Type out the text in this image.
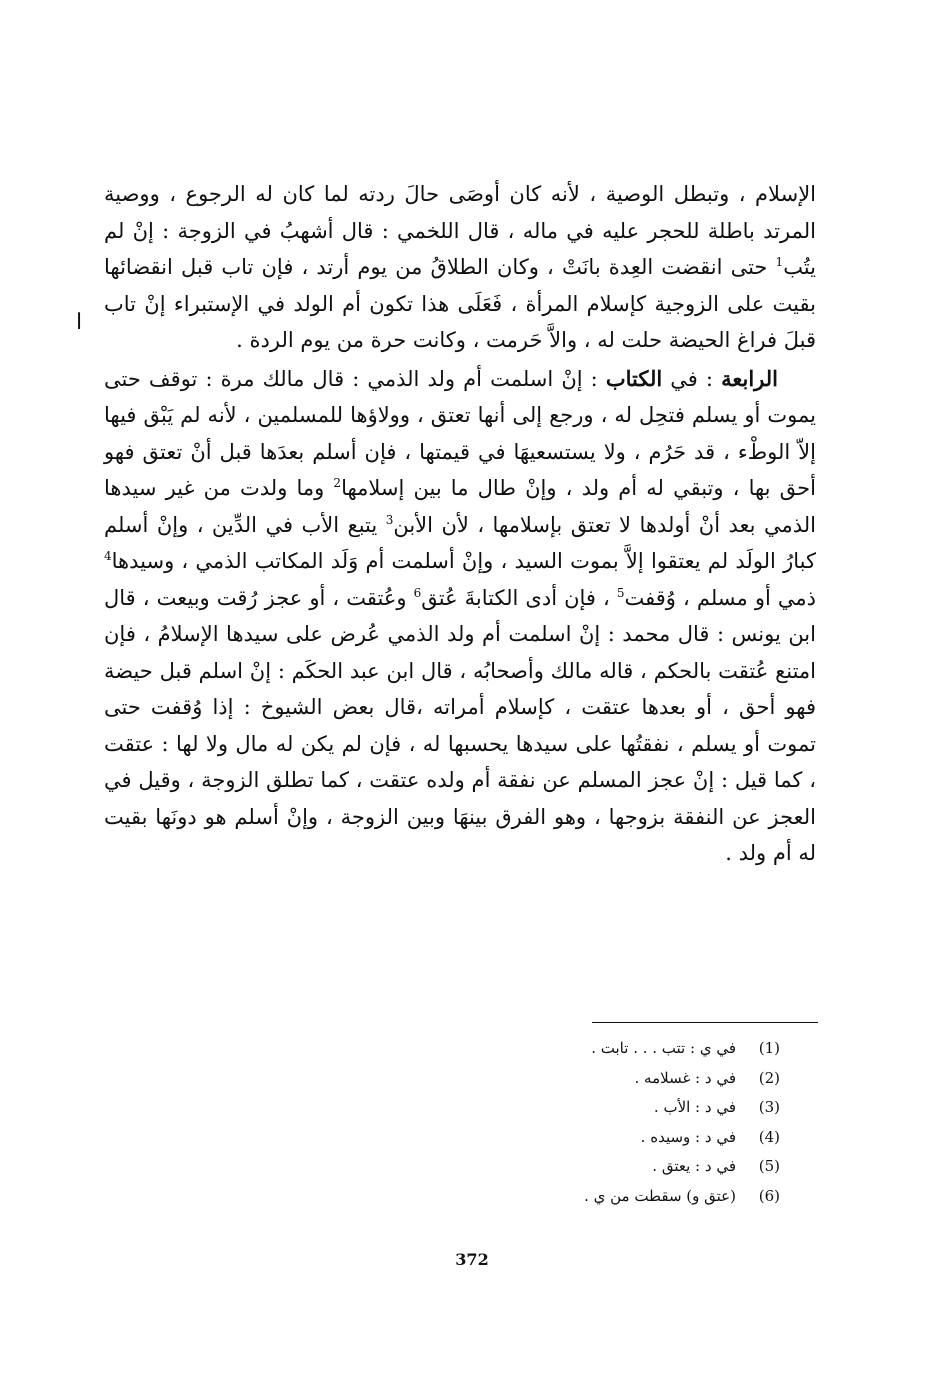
الإسلام ، وتبطل الوصية ، لأنه كان أوصَى حالَ ردته لما كان له الرجوع ، ووصية المرتد باطلة للحجر عليه في ماله ، قال اللخمي : قال أشهبُ في الزوجة : إنْ لم يتُب$^1$ حتى انقضت العِدة بانَتْ ، وكان الطلاقُ من يوم أرتد ، فإن تاب قبل انقضائها بقيت على الزوجية كإسلام المرأة ، فَعَلَى هذا تكون أم الولد في الإستبراء إنْ تاب قبلَ فراغ الحيضة حلت له ، والاَّ حَرمت ، وكانت حرة من يوم الردة .

الرابعة : في الكتاب : إنْ اسلمت أم ولد الذمي : قال مالك مرة : توقف حتى يموت أو يسلم فتحِل له ، ورجع إلى أنها تعتق ، وولاؤها للمسلمين ، لأنه لم يَبْق فيها إلاّ الوطْء ، قد حَرُم ، ولا يستسعيهَا في قيمتها ، فإن أسلم بعدَها قبل أنْ تعتق فهو أحق بها ، وتبقي له أم ولد ، وإنْ طال ما بين إسلامها$^2$ وما ولدت من غير سيدها الذمي بعد أنْ أولدها لا تعتق بإسلامها ، لأن الأبن$^3$ يتبع الأب في الدِّين ، وإنْ أسلم كبارُ الولَد لم يعتقوا إلاَّ بموت السيد ، وإنْ أسلمت أم وَلَد المكاتب الذمي ، وسيدها$^4$ ذمي أو مسلم ، وُقفت$^5$ ، فإن أدى الكتابةَ عُتق$^6$ وعُتقت ، أو عجز رُقت وبيعت ، قال ابن يونس : قال محمد : إنْ اسلمت أم ولد الذمي عُرض على سيدها الإسلامُ ، فإن امتنع عُتقت بالحكم ، قاله مالك وأصحابُه ، قال ابن عبد الحكَم : إنْ اسلم قبل حيضة فهو أحق ، أو بعدها عتقت ، كإسلام أمراته ،قال بعض الشيوخ : إذا وُقفت حتى تموت أو يسلم ، نفقتُها على سيدها يحسبها له ، فإن لم يكن له مال ولا لها : عتقت ، كما قيل : إنْ عجز المسلم عن نفقة أم ولده عتقت ، كما تطلق الزوجة ، وقيل في العجز عن النفقة بزوجها ، وهو الفرق بينهَا وبين الزوجة ، وإنْ أسلم هو دونَها بقيت له أم ولد .

ا
(1)في ي : تتب . . . تابت .
(2)في د : غسلامه .
(3)في د : الأب .
(4)في د : وسيده .
(5)في د : يعتق .
(6)(عتق و) سقطت من ي .
372
